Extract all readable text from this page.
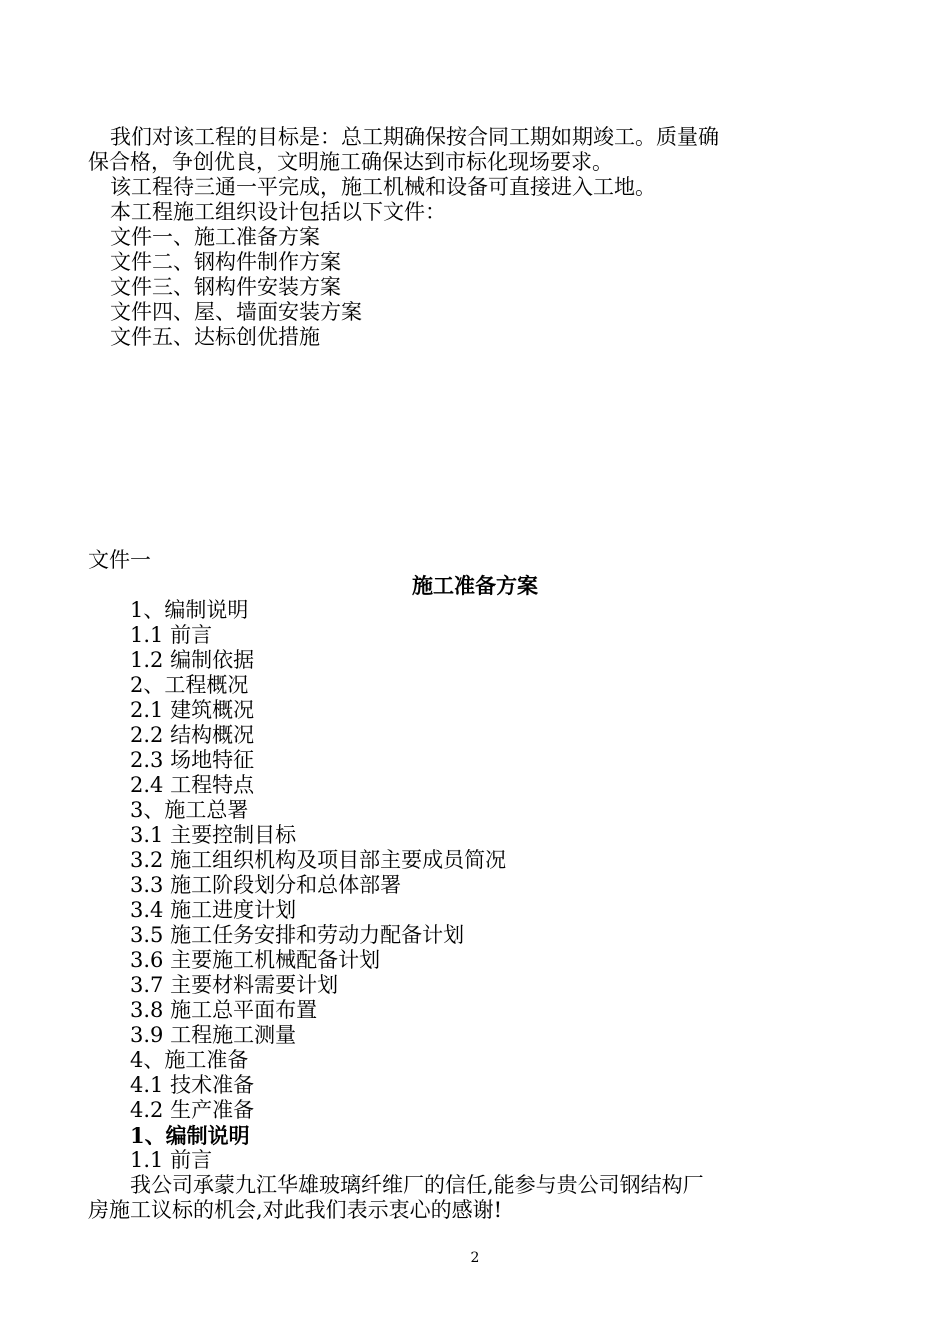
我们对该工程的目标是：总工期确保按合同工期如期竣工。质量确
保合格，争创优良，文明施工确保达到市标化现场要求。
该工程待三通一平完成，施工机械和设备可直接进入工地。
本工程施工组织设计包括以下文件：
文件一、施工准备方案
文件二、钢构件制作方案
文件三、钢构件安装方案
文件四、屋、墙面安装方案
文件五、达标创优措施
文件一
施工准备方案
1、编制说明
1.1 前言
1.2 编制依据
2、工程概况
2.1 建筑概况
2.2 结构概况
2.3 场地特征
2.4 工程特点
3、施工总署
3.1 主要控制目标
3.2 施工组织机构及项目部主要成员简况
3.3 施工阶段划分和总体部署
3.4 施工进度计划
3.5 施工任务安排和劳动力配备计划
3.6 主要施工机械配备计划
3.7 主要材料需要计划
3.8 施工总平面布置
3.9 工程施工测量
4、施工准备
4.1 技术准备
4.2 生产准备
1、编制说明
1.1 前言
我公司承蒙九江华雄玻璃纤维厂的信任,能参与贵公司钢结构厂
房施工议标的机会,对此我们表示衷心的感谢!
2
